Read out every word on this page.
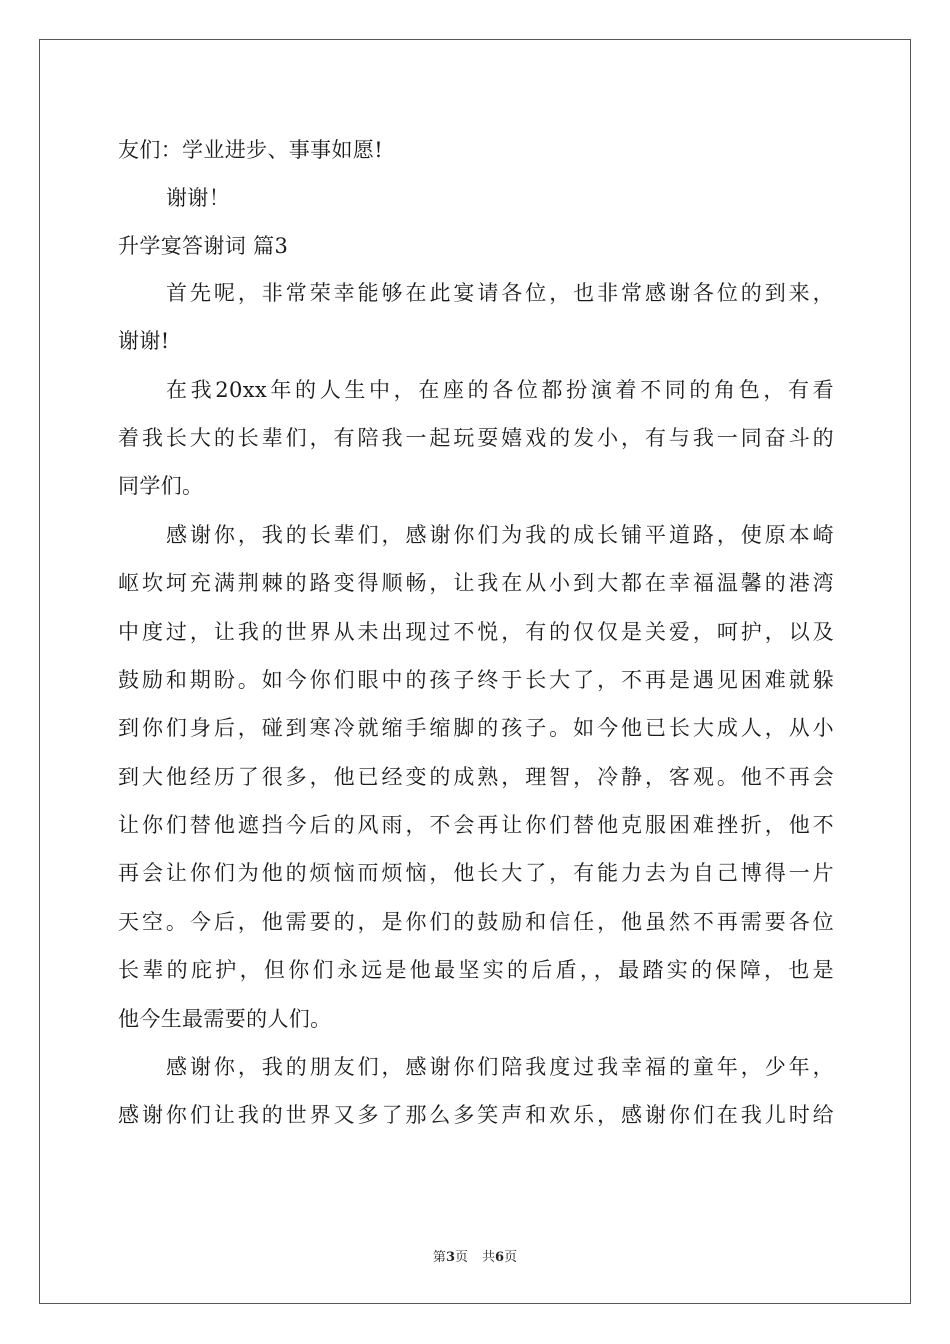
友们：学业进步、事事如愿!
谢谢！
升学宴答谢词 篇3
首先呢，非常荣幸能够在此宴请各位，也非常感谢各位的到来，
谢谢!
在我20xx年的人生中，在座的各位都扮演着不同的角色，有看
着我长大的长辈们，有陪我一起玩耍嬉戏的发小，有与我一同奋斗的
同学们。
感谢你，我的长辈们，感谢你们为我的成长铺平道路，使原本崎
岖坎坷充满荆棘的路变得顺畅，让我在从小到大都在幸福温馨的港湾
中度过，让我的世界从未出现过不悦，有的仅仅是关爱，呵护，以及
鼓励和期盼。如今你们眼中的孩子终于长大了，不再是遇见困难就躲
到你们身后，碰到寒冷就缩手缩脚的孩子。如今他已长大成人，从小
到大他经历了很多，他已经变的成熟，理智，冷静，客观。他不再会
让你们替他遮挡今后的风雨，不会再让你们替他克服困难挫折，他不
再会让你们为他的烦恼而烦恼，他长大了，有能力去为自己博得一片
天空。今后，他需要的，是你们的鼓励和信任，他虽然不再需要各位
长辈的庇护，但你们永远是他最坚实的后盾，，最踏实的保障，也是
他今生最需要的人们。
感谢你，我的朋友们，感谢你们陪我度过我幸福的童年，少年，
感谢你们让我的世界又多了那么多笑声和欢乐，感谢你们在我儿时给
第3页 共6页
